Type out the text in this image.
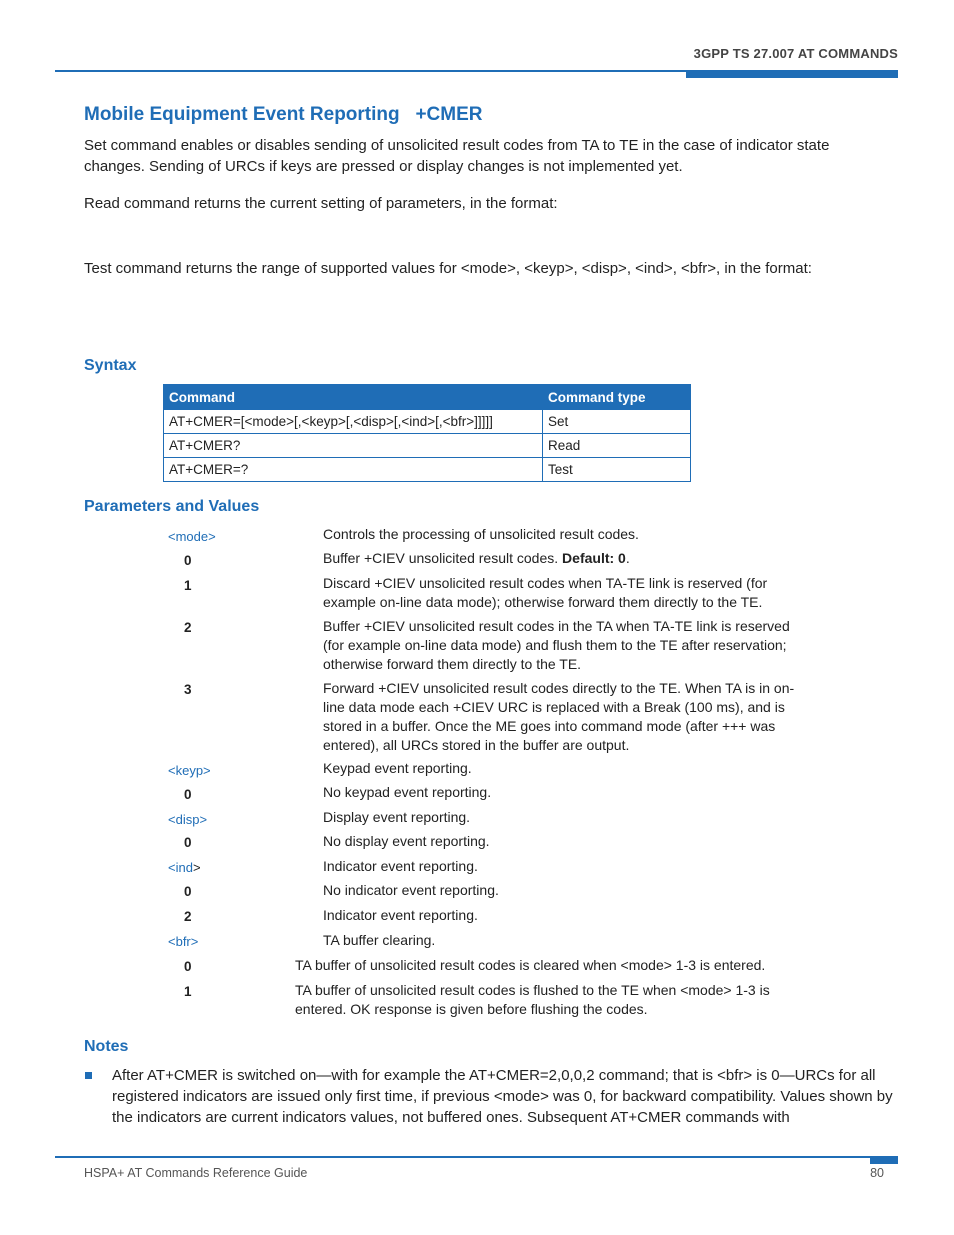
3GPP TS 27.007 AT COMMANDS
Mobile Equipment Event Reporting   +CMER
Set command enables or disables sending of unsolicited result codes from TA to TE in the case of indicator state changes. Sending of URCs if keys are pressed or display changes is not implemented yet.
Read command returns the current setting of parameters, in the format:
Test command returns the range of supported values for <mode>, <keyp>, <disp>, <ind>, <bfr>, in the format:
Syntax
Command	Command type
AT+CMER=[<mode>[,<keyp>[,<disp>[,<ind>[,<bfr>]]]]]	Set
AT+CMER?	Read
AT+CMER=?	Test
Parameters and Values
<mode>	Controls the processing of unsolicited result codes.
0	Buffer +CIEV unsolicited result codes. Default: 0.
1	Discard +CIEV unsolicited result codes when TA-TE link is reserved (for example on-line data mode); otherwise forward them directly to the TE.
2	Buffer +CIEV unsolicited result codes in the TA when TA-TE link is reserved (for example on-line data mode) and flush them to the TE after reservation; otherwise forward them directly to the TE.
3	Forward +CIEV unsolicited result codes directly to the TE. When TA is in on-line data mode each +CIEV URC is replaced with a Break (100 ms), and is stored in a buffer. Once the ME goes into command mode (after +++ was entered), all URCs stored in the buffer are output.
<keyp>	Keypad event reporting.
0	No keypad event reporting.
<disp>	Display event reporting.
0	No display event reporting.
<ind>	Indicator event reporting.
0	No indicator event reporting.
2	Indicator event reporting.
<bfr>	TA buffer clearing.
0	TA buffer of unsolicited result codes is cleared when <mode> 1-3 is entered.
1	TA buffer of unsolicited result codes is flushed to the TE when <mode> 1-3 is entered. OK response is given before flushing the codes.
Notes
After AT+CMER is switched on—with for example the AT+CMER=2,0,0,2 command; that is <bfr> is 0—URCs for all registered indicators are issued only first time, if previous <mode> was 0, for backward compatibility. Values shown by the indicators are current indicators values, not buffered ones. Subsequent AT+CMER commands with
HSPA+ AT Commands Reference Guide	80
